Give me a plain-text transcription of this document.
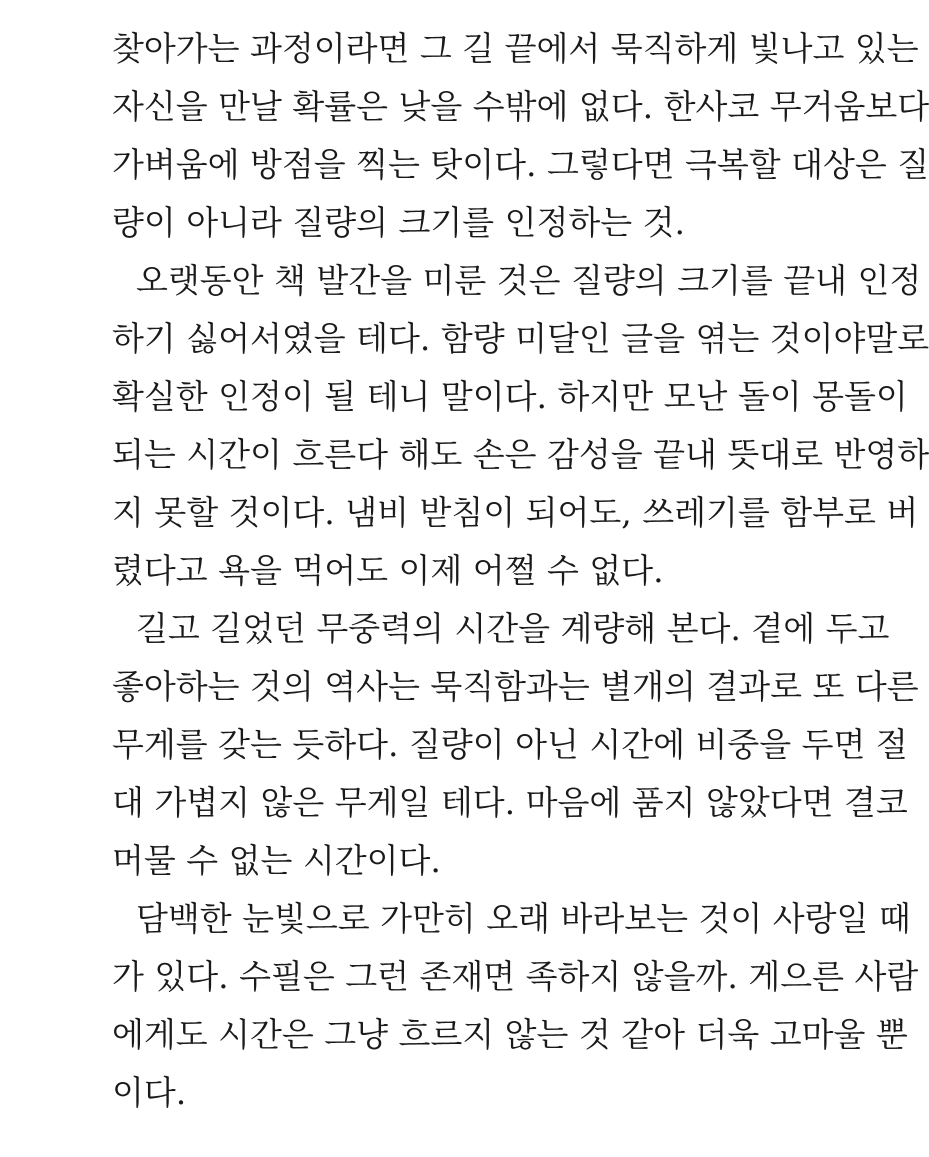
찾아가는 과정이라면 그 길 끝에서 묵직하게 빛나고 있는
자신을 만날 확률은 낮을 수밖에 없다. 한사코 무거움보다
가벼움에 방점을 찍는 탓이다. 그렇다면 극복할 대상은 질
량이 아니라 질량의 크기를 인정하는 것.
오랫동안 책 발간을 미룬 것은 질량의 크기를 끝내 인정
하기 싫어서였을 테다. 함량 미달인 글을 엮는 것이야말로
확실한 인정이 될 테니 말이다. 하지만 모난 돌이 몽돌이
되는 시간이 흐른다 해도 손은 감성을 끝내 뜻대로 반영하
지 못할 것이다. 냄비 받침이 되어도, 쓰레기를 함부로 버
렸다고 욕을 먹어도 이제 어쩔 수 없다.
길고 길었던 무중력의 시간을 계량해 본다. 곁에 두고
좋아하는 것의 역사는 묵직함과는 별개의 결과로 또 다른
무게를 갖는 듯하다. 질량이 아닌 시간에 비중을 두면 절
대 가볍지 않은 무게일 테다. 마음에 품지 않았다면 결코
머물 수 없는 시간이다.
담백한 눈빛으로 가만히 오래 바라보는 것이 사랑일 때
가 있다. 수필은 그런 존재면 족하지 않을까. 게으른 사람
에게도 시간은 그냥 흐르지 않는 것 같아 더욱 고마울 뿐
이다.
